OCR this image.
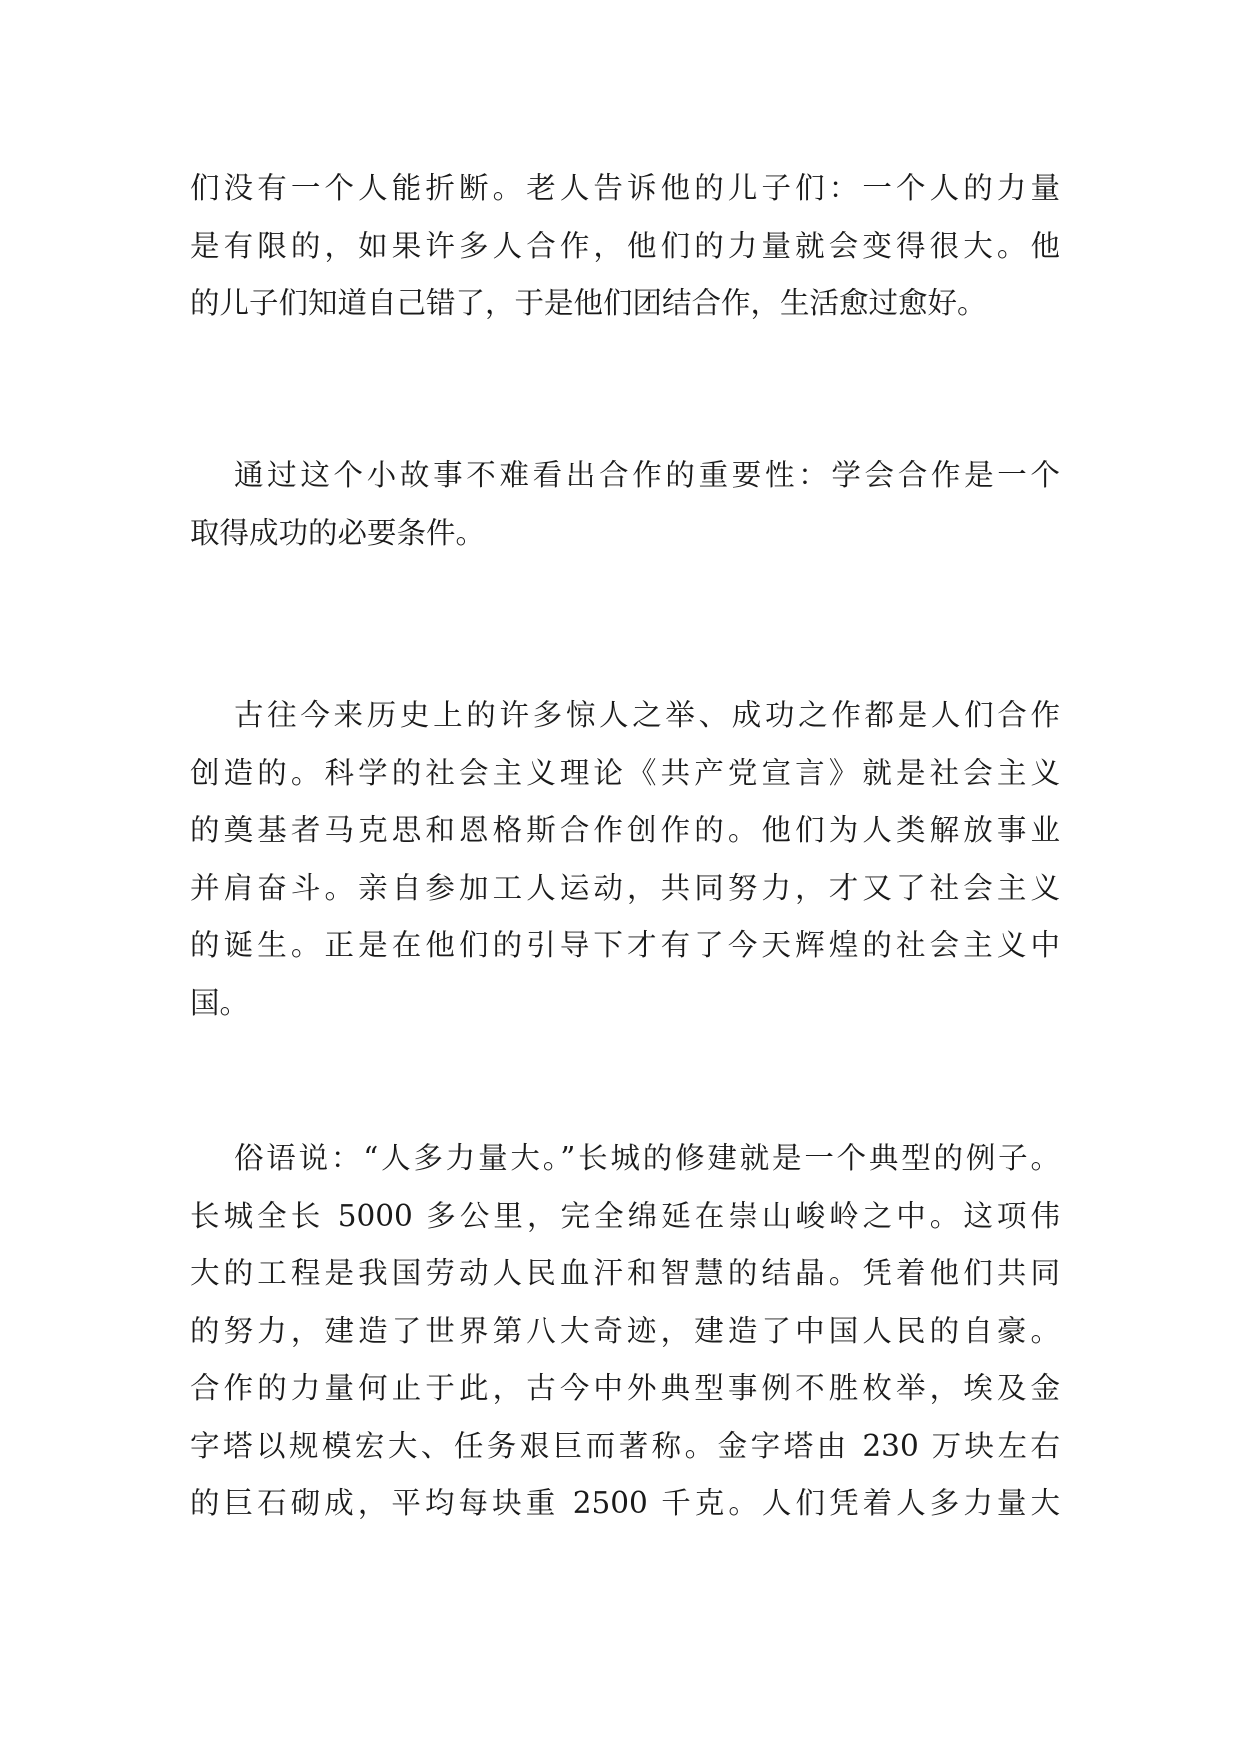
们没有一个人能折断。老人告诉他的儿子们：一个人的力量
是有限的，如果许多人合作，他们的力量就会变得很大。他
的儿子们知道自己错了，于是他们团结合作，生活愈过愈好。
通过这个小故事不难看出合作的重要性：学会合作是一个
取得成功的必要条件。
古往今来历史上的许多惊人之举、成功之作都是人们合作
创造的。科学的社会主义理论《共产党宣言》就是社会主义
的奠基者马克思和恩格斯合作创作的。他们为人类解放事业
并肩奋斗。亲自参加工人运动，共同努力，才又了社会主义
的诞生。正是在他们的引导下才有了今天辉煌的社会主义中
国。
俗语说：“人多力量大。”长城的修建就是一个典型的例子。
长城全长 5000 多公里，完全绵延在崇山峻岭之中。这项伟
大的工程是我国劳动人民血汗和智慧的结晶。凭着他们共同
的努力，建造了世界第八大奇迹，建造了中国人民的自豪。
合作的力量何止于此，古今中外典型事例不胜枚举，埃及金
字塔以规模宏大、任务艰巨而著称。金字塔由 230 万块左右
的巨石砌成，平均每块重 2500 千克。人们凭着人多力量大
